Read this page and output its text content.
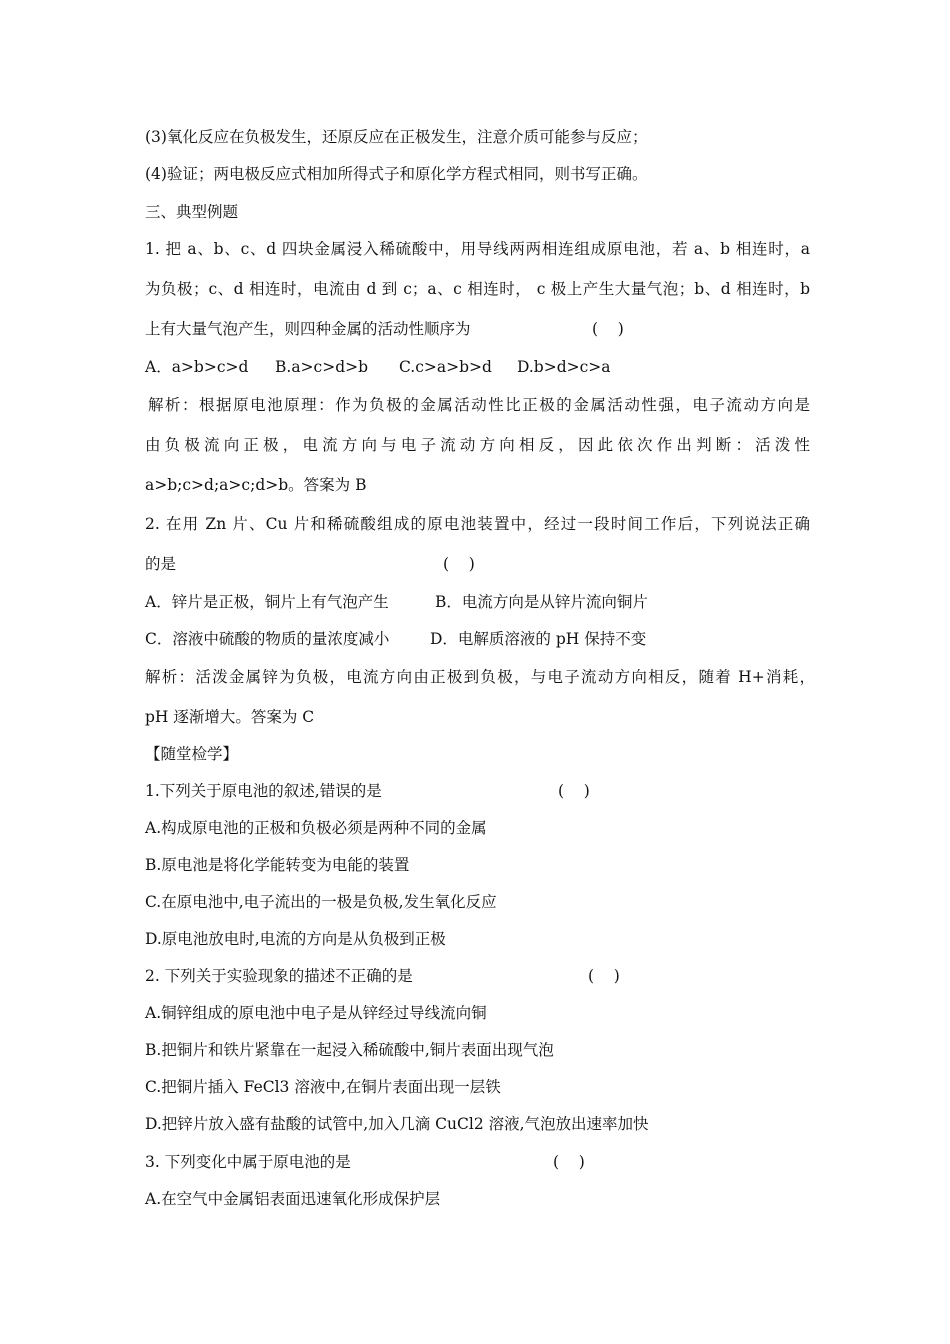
(3)氧化反应在负极发生，还原反应在正极发生，注意介质可能参与反应；
(4)验证；两电极反应式相加所得式子和原化学方程式相同，则书写正确。
三、典型例题
1. 把 a、b、c、d 四块金属浸入稀硫酸中，用导线两两相连组成原电池，若 a、b 相连时，a
为负极；c、d 相连时，电流由 d 到 c；a、c 相连时， c 极上产生大量气泡；b、d 相连时，b
上有大量气泡产生，则四种金属的活动性顺序为	(    )
A．a>b>c>d B.a>c>d>b C.c>a>b>d D.b>d>c>a
解析：根据原电池原理：作为负极的金属活动性比正极的金属活动性强，电子流动方向是
由负极流向正极，电流方向与电子流动方向相反，因此依次作出判断：活泼性
a>b;c>d;a>c;d>b。答案为 B
2. 在用 Zn 片、Cu 片和稀硫酸组成的原电池装置中，经过一段时间工作后，下列说法正确
的是	(    )
A．锌片是正极，铜片上有气泡产生	B．电流方向是从锌片流向铜片
C．溶液中硫酸的物质的量浓度减小	D．电解质溶液的 pH 保持不变
解析：活泼金属锌为负极，电流方向由正极到负极，与电子流动方向相反，随着 H+消耗，
pH 逐渐增大。答案为 C
【随堂检学】
1.下列关于原电池的叙述,错误的是	(    )
A.构成原电池的正极和负极必须是两种不同的金属
B.原电池是将化学能转变为电能的装置
C.在原电池中,电子流出的一极是负极,发生氧化反应
D.原电池放电时,电流的方向是从负极到正极
2. 下列关于实验现象的描述不正确的是	(    )
A.铜锌组成的原电池中电子是从锌经过导线流向铜
B.把铜片和铁片紧靠在一起浸入稀硫酸中,铜片表面出现气泡
C.把铜片插入 FeCl3 溶液中,在铜片表面出现一层铁
D.把锌片放入盛有盐酸的试管中,加入几滴 CuCl2 溶液,气泡放出速率加快
3. 下列变化中属于原电池的是	(    )
A.在空气中金属铝表面迅速氧化形成保护层
